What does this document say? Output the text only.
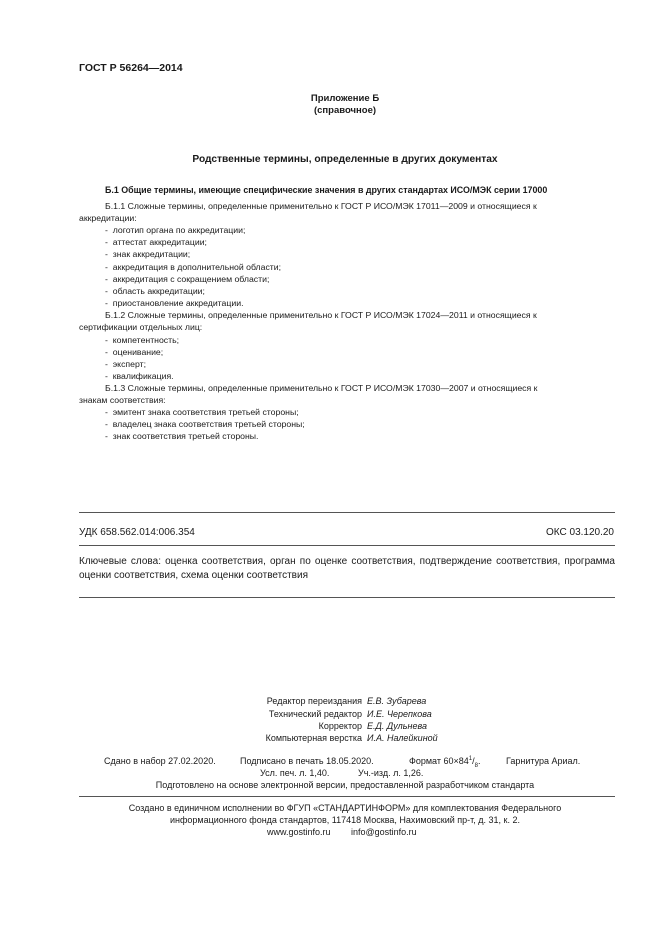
ГОСТ Р 56264—2014
Приложение Б
(справочное)
Родственные термины, определенные в других документах
Б.1 Общие термины, имеющие специфические значения в других стандартах ИСО/МЭК серии 17000
Б.1.1 Сложные термины, определенные применительно к ГОСТ Р ИСО/МЭК 17011—2009 и относящиеся к
аккредитации:
-  логотип органа по аккредитации;
-  аттестат аккредитации;
-  знак аккредитации;
-  аккредитация в дополнительной области;
-  аккредитация с сокращением области;
-  область аккредитации;
-  приостановление аккредитации.
Б.1.2 Сложные термины, определенные применительно к ГОСТ Р ИСО/МЭК 17024—2011 и относящиеся к
сертификации отдельных лиц:
-  компетентность;
-  оценивание;
-  эксперт;
-  квалификация.
Б.1.3 Сложные термины, определенные применительно к ГОСТ Р ИСО/МЭК 17030—2007 и относящиеся к
знакам соответствия:
-  эмитент знака соответствия третьей стороны;
-  владелец знака соответствия третьей стороны;
-  знак соответствия третьей стороны.
УДК 658.562.014:006.354	ОКС 03.120.20
Ключевые слова: оценка соответствия, орган по оценке соответствия, подтверждение соответствия, программа оценки соответствия, схема оценки соответствия
Редактор переиздания Е.В. Зубарева
Технический редактор И.Е. Черепкова
Корректор Е.Д. Дульнева
Компьютерная верстка И.А. Налейкиной
Сдано в набор 27.02.2020.	Подписано в печать 18.05.2020.	Формат $60\times 84^1/_8$.	Гарнитура Ариал.
Усл. печ. л. 1,40.	Уч.-изд. л. 1,26.
Подготовлено на основе электронной версии, предоставленной разработчиком стандарта
Создано в единичном исполнении во ФГУП «СТАНДАРТИНФОРМ» для комплектования Федерального
информационного фонда стандартов, 117418 Москва, Нахимовский пр-т, д. 31, к. 2.
www.gostinfo.ru info@gostinfo.ru
